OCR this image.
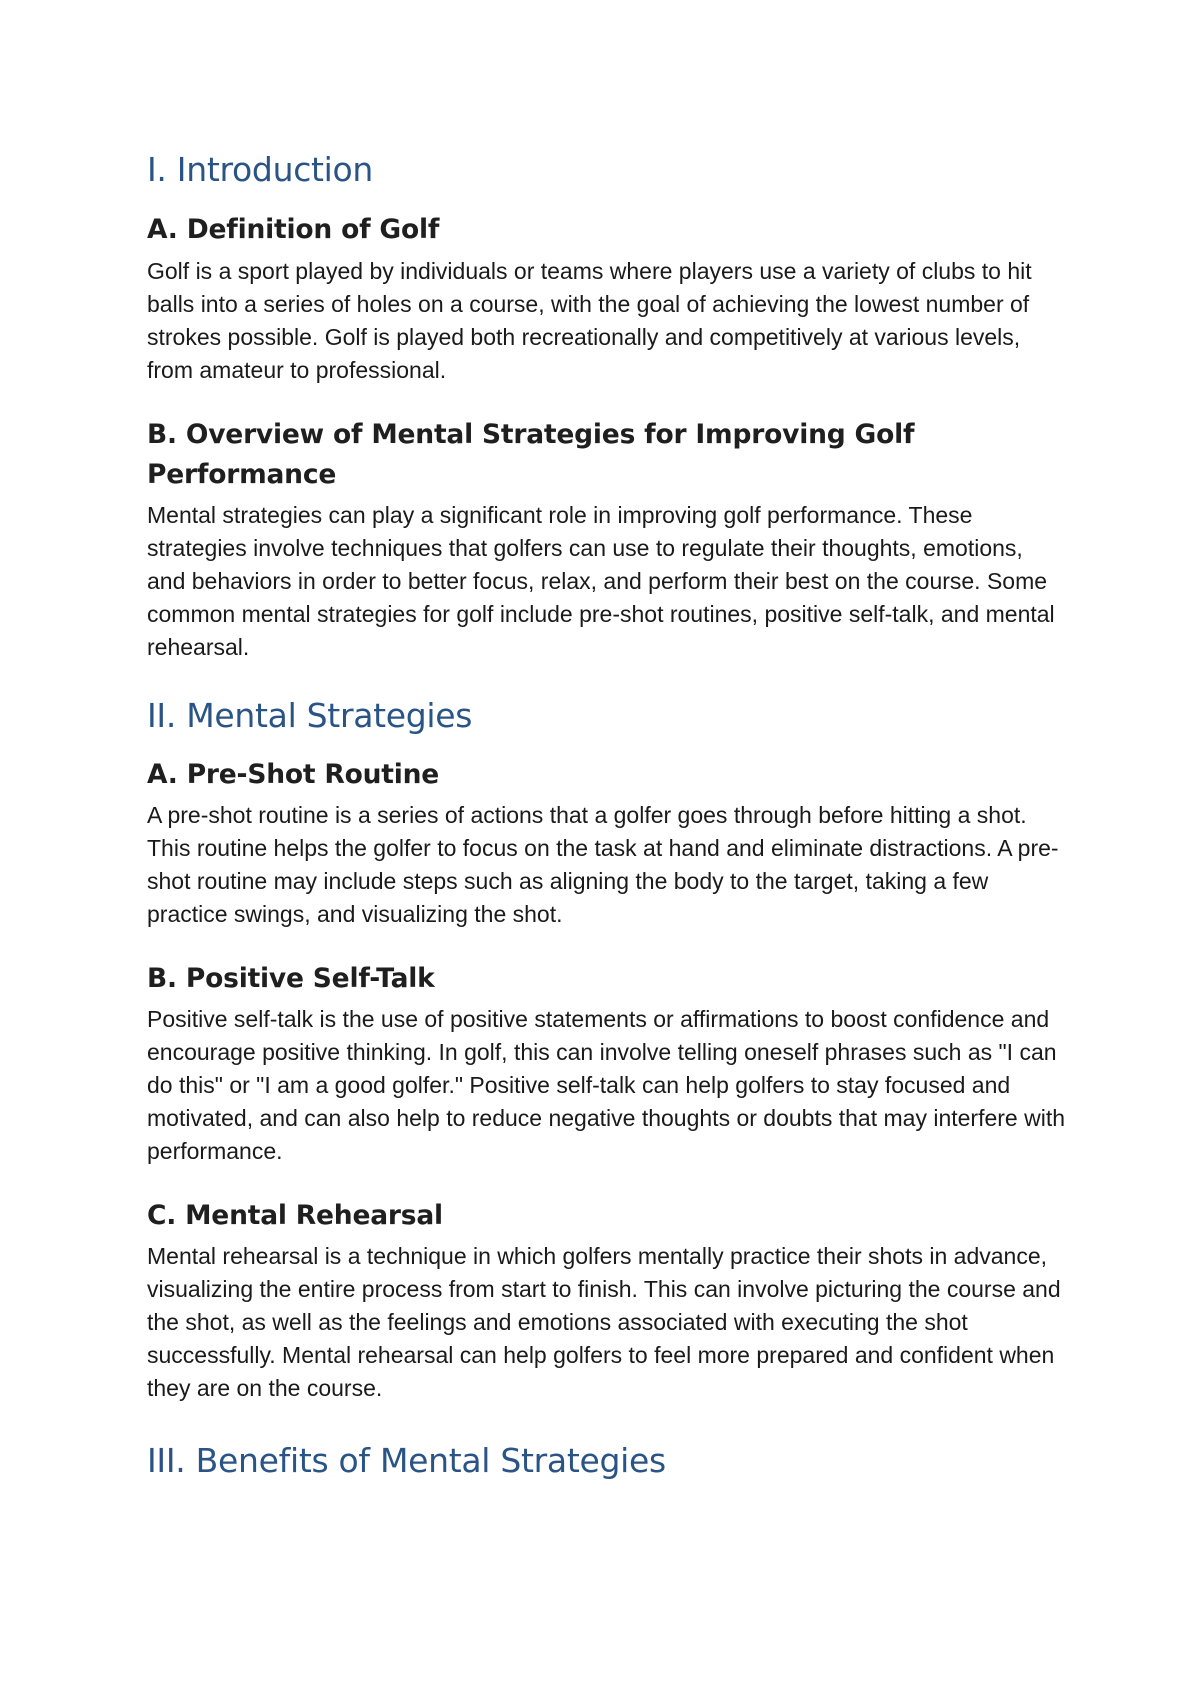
I. Introduction
A. Definition of Golf

Golf is a sport played by individuals or teams where players use a variety of clubs to hit balls into a series of holes on a course, with the goal of achieving the lowest number of strokes possible. Golf is played both recreationally and competitively at various levels, from amateur to professional.

B. Overview of Mental Strategies for Improving Golf Performance

Mental strategies can play a significant role in improving golf performance. These strategies involve techniques that golfers can use to regulate their thoughts, emotions, and behaviors in order to better focus, relax, and perform their best on the course. Some common mental strategies for golf include pre-shot routines, positive self-talk, and mental rehearsal.

II. Mental Strategies
A. Pre-Shot Routine

A pre-shot routine is a series of actions that a golfer goes through before hitting a shot. This routine helps the golfer to focus on the task at hand and eliminate distractions. A pre-shot routine may include steps such as aligning the body to the target, taking a few practice swings, and visualizing the shot.

B. Positive Self-Talk

Positive self-talk is the use of positive statements or affirmations to boost confidence and encourage positive thinking. In golf, this can involve telling oneself phrases such as "I can do this" or "I am a good golfer." Positive self-talk can help golfers to stay focused and motivated, and can also help to reduce negative thoughts or doubts that may interfere with performance.

C. Mental Rehearsal

Mental rehearsal is a technique in which golfers mentally practice their shots in advance, visualizing the entire process from start to finish. This can involve picturing the course and the shot, as well as the feelings and emotions associated with executing the shot successfully. Mental rehearsal can help golfers to feel more prepared and confident when they are on the course.

III. Benefits of Mental Strategies
